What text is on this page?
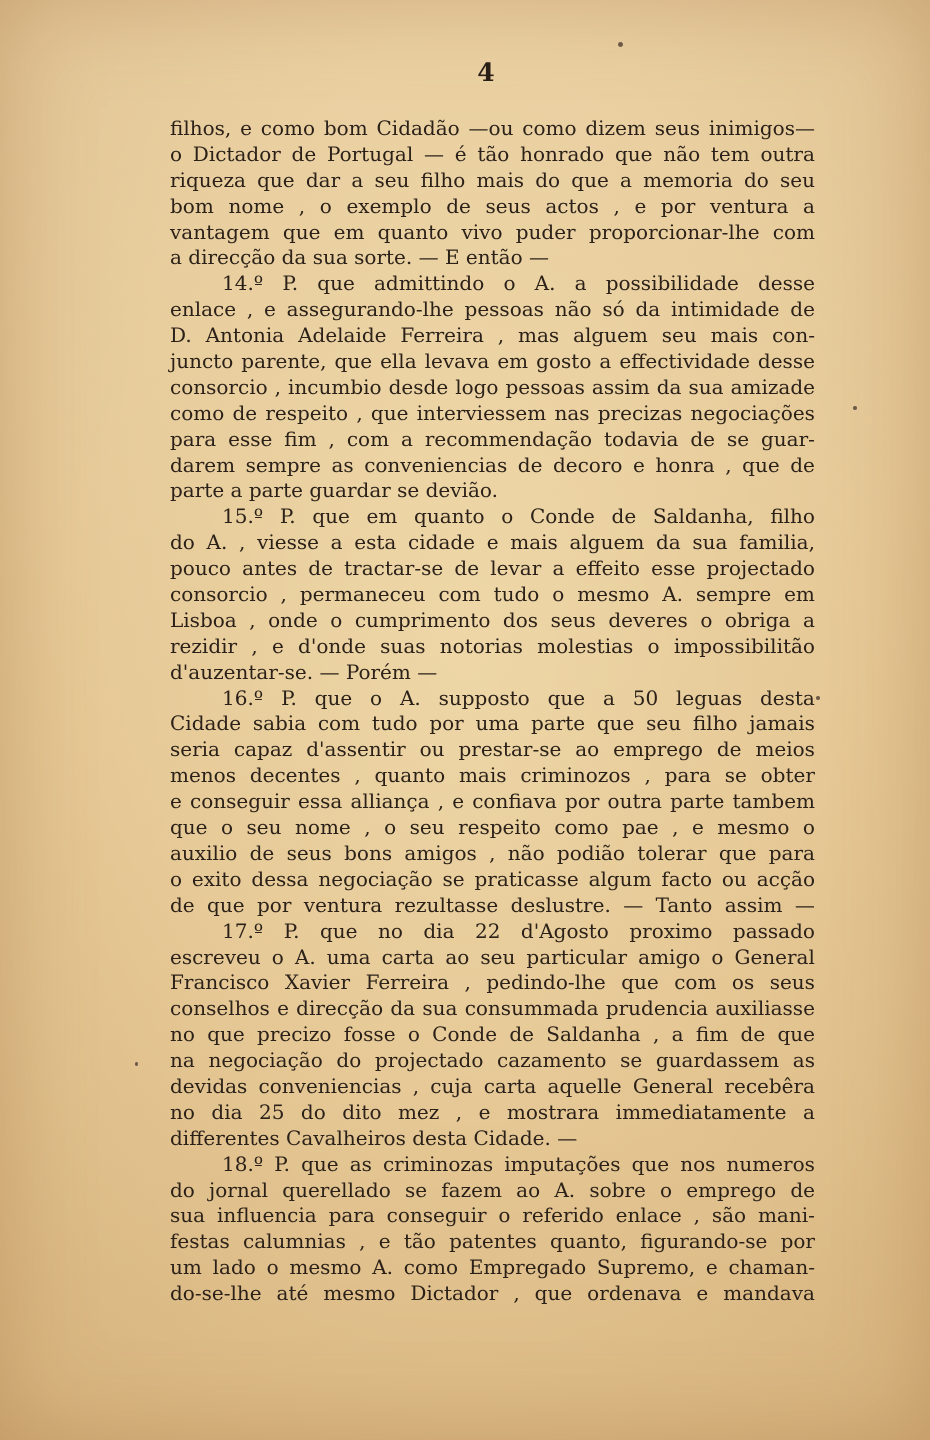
4
filhos, e como bom Cidadão —ou como dizem seus inimigos—
o Dictador de Portugal — é tão honrado que não tem outra
riqueza que dar a seu filho mais do que a memoria do seu
bom nome , o exemplo de seus actos , e por ventura a
vantagem que em quanto vivo puder proporcionar-lhe com
a direcção da sua sorte. — E então —
14.º P. que admittindo o A. a possibilidade desse
enlace , e assegurando-lhe pessoas não só da intimidade de
D. Antonia Adelaide Ferreira , mas alguem seu mais con-
juncto parente, que ella levava em gosto a effectividade desse
consorcio , incumbio desde logo pessoas assim da sua amizade
como de respeito , que interviessem nas precizas negociações
para esse fim , com a recommendação todavia de se guar-
darem sempre as conveniencias de decoro e honra , que de
parte a parte guardar se devião.
15.º P. que em quanto o Conde de Saldanha, filho
do A. , viesse a esta cidade e mais alguem da sua familia,
pouco antes de tractar-se de levar a effeito esse projectado
consorcio , permaneceu com tudo o mesmo A. sempre em
Lisboa , onde o cumprimento dos seus deveres o obriga a
rezidir , e d'onde suas notorias molestias o impossibilitão
d'auzentar-se. — Porém —
16.º P. que o A. supposto que a 50 leguas desta
Cidade sabia com tudo por uma parte que seu filho jamais
seria capaz d'assentir ou prestar-se ao emprego de meios
menos decentes , quanto mais criminozos , para se obter
e conseguir essa alliança , e confiava por outra parte tambem
que o seu nome , o seu respeito como pae , e mesmo o
auxilio de seus bons amigos , não podião tolerar que para
o exito dessa negociação se praticasse algum facto ou acção
de que por ventura rezultasse deslustre. — Tanto assim —
17.º P. que no dia 22 d'Agosto proximo passado
escreveu o A. uma carta ao seu particular amigo o General
Francisco Xavier Ferreira , pedindo-lhe que com os seus
conselhos e direcção da sua consummada prudencia auxiliasse
no que precizo fosse o Conde de Saldanha , a fim de que
na negociação do projectado cazamento se guardassem as
devidas conveniencias , cuja carta aquelle General recebêra
no dia 25 do dito mez , e mostrara immediatamente a
differentes Cavalheiros desta Cidade. —
18.º P. que as criminozas imputações que nos numeros
do jornal querellado se fazem ao A. sobre o emprego de
sua influencia para conseguir o referido enlace , são mani-
festas calumnias , e tão patentes quanto, figurando-se por
um lado o mesmo A. como Empregado Supremo, e chaman-
do-se-lhe até mesmo Dictador , que ordenava e mandava
